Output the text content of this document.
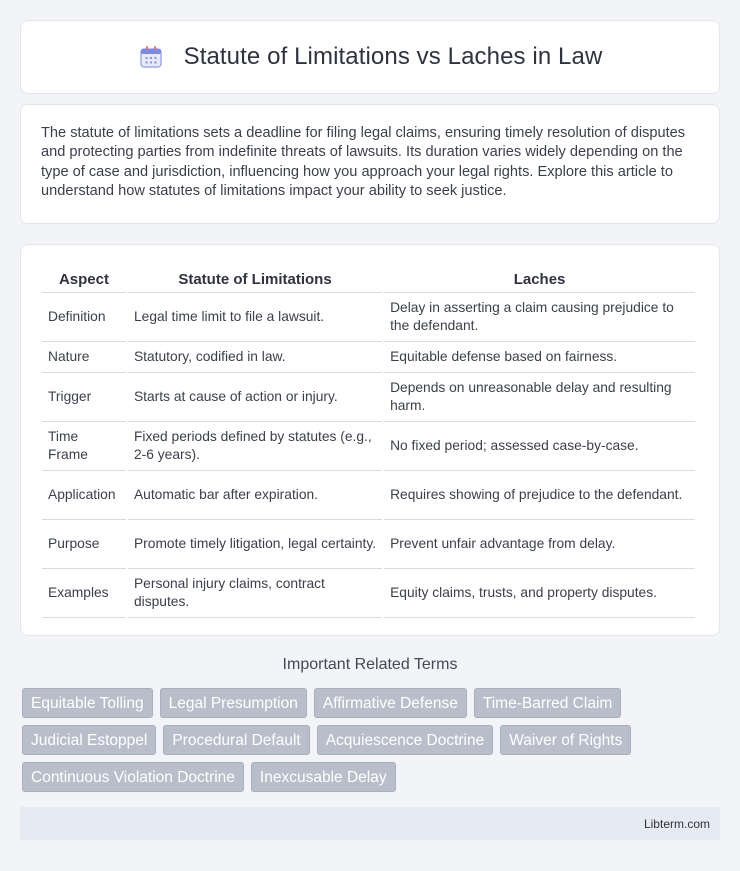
Statute of Limitations vs Laches in Law

The statute of limitations sets a deadline for filing legal claims, ensuring timely resolution of disputes and protecting parties from indefinite threats of lawsuits. Its duration varies widely depending on the type of case and jurisdiction, influencing how you approach your legal rights. Explore this article to understand how statutes of limitations impact your ability to seek justice.

Aspect	Statute of Limitations	Laches
Definition	Legal time limit to file a lawsuit.	Delay in asserting a claim causing prejudice to the defendant.
Nature	Statutory, codified in law.	Equitable defense based on fairness.
Trigger	Starts at cause of action or injury.	Depends on unreasonable delay and resulting harm.
Time Frame	Fixed periods defined by statutes (e.g., 2-6 years).	No fixed period; assessed case-by-case.
Application	Automatic bar after expiration.	Requires showing of prejudice to the defendant.
Purpose	Promote timely litigation, legal certainty.	Prevent unfair advantage from delay.
Examples	Personal injury claims, contract disputes.	Equity claims, trusts, and property disputes.
Important Related Terms
Equitable Tolling	Legal Presumption	Affirmative Defense	Time-Barred Claim
Judicial Estoppel	Procedural Default	Acquiescence Doctrine	Waiver of Rights
Continuous Violation Doctrine	Inexcusable Delay
Libterm.com
